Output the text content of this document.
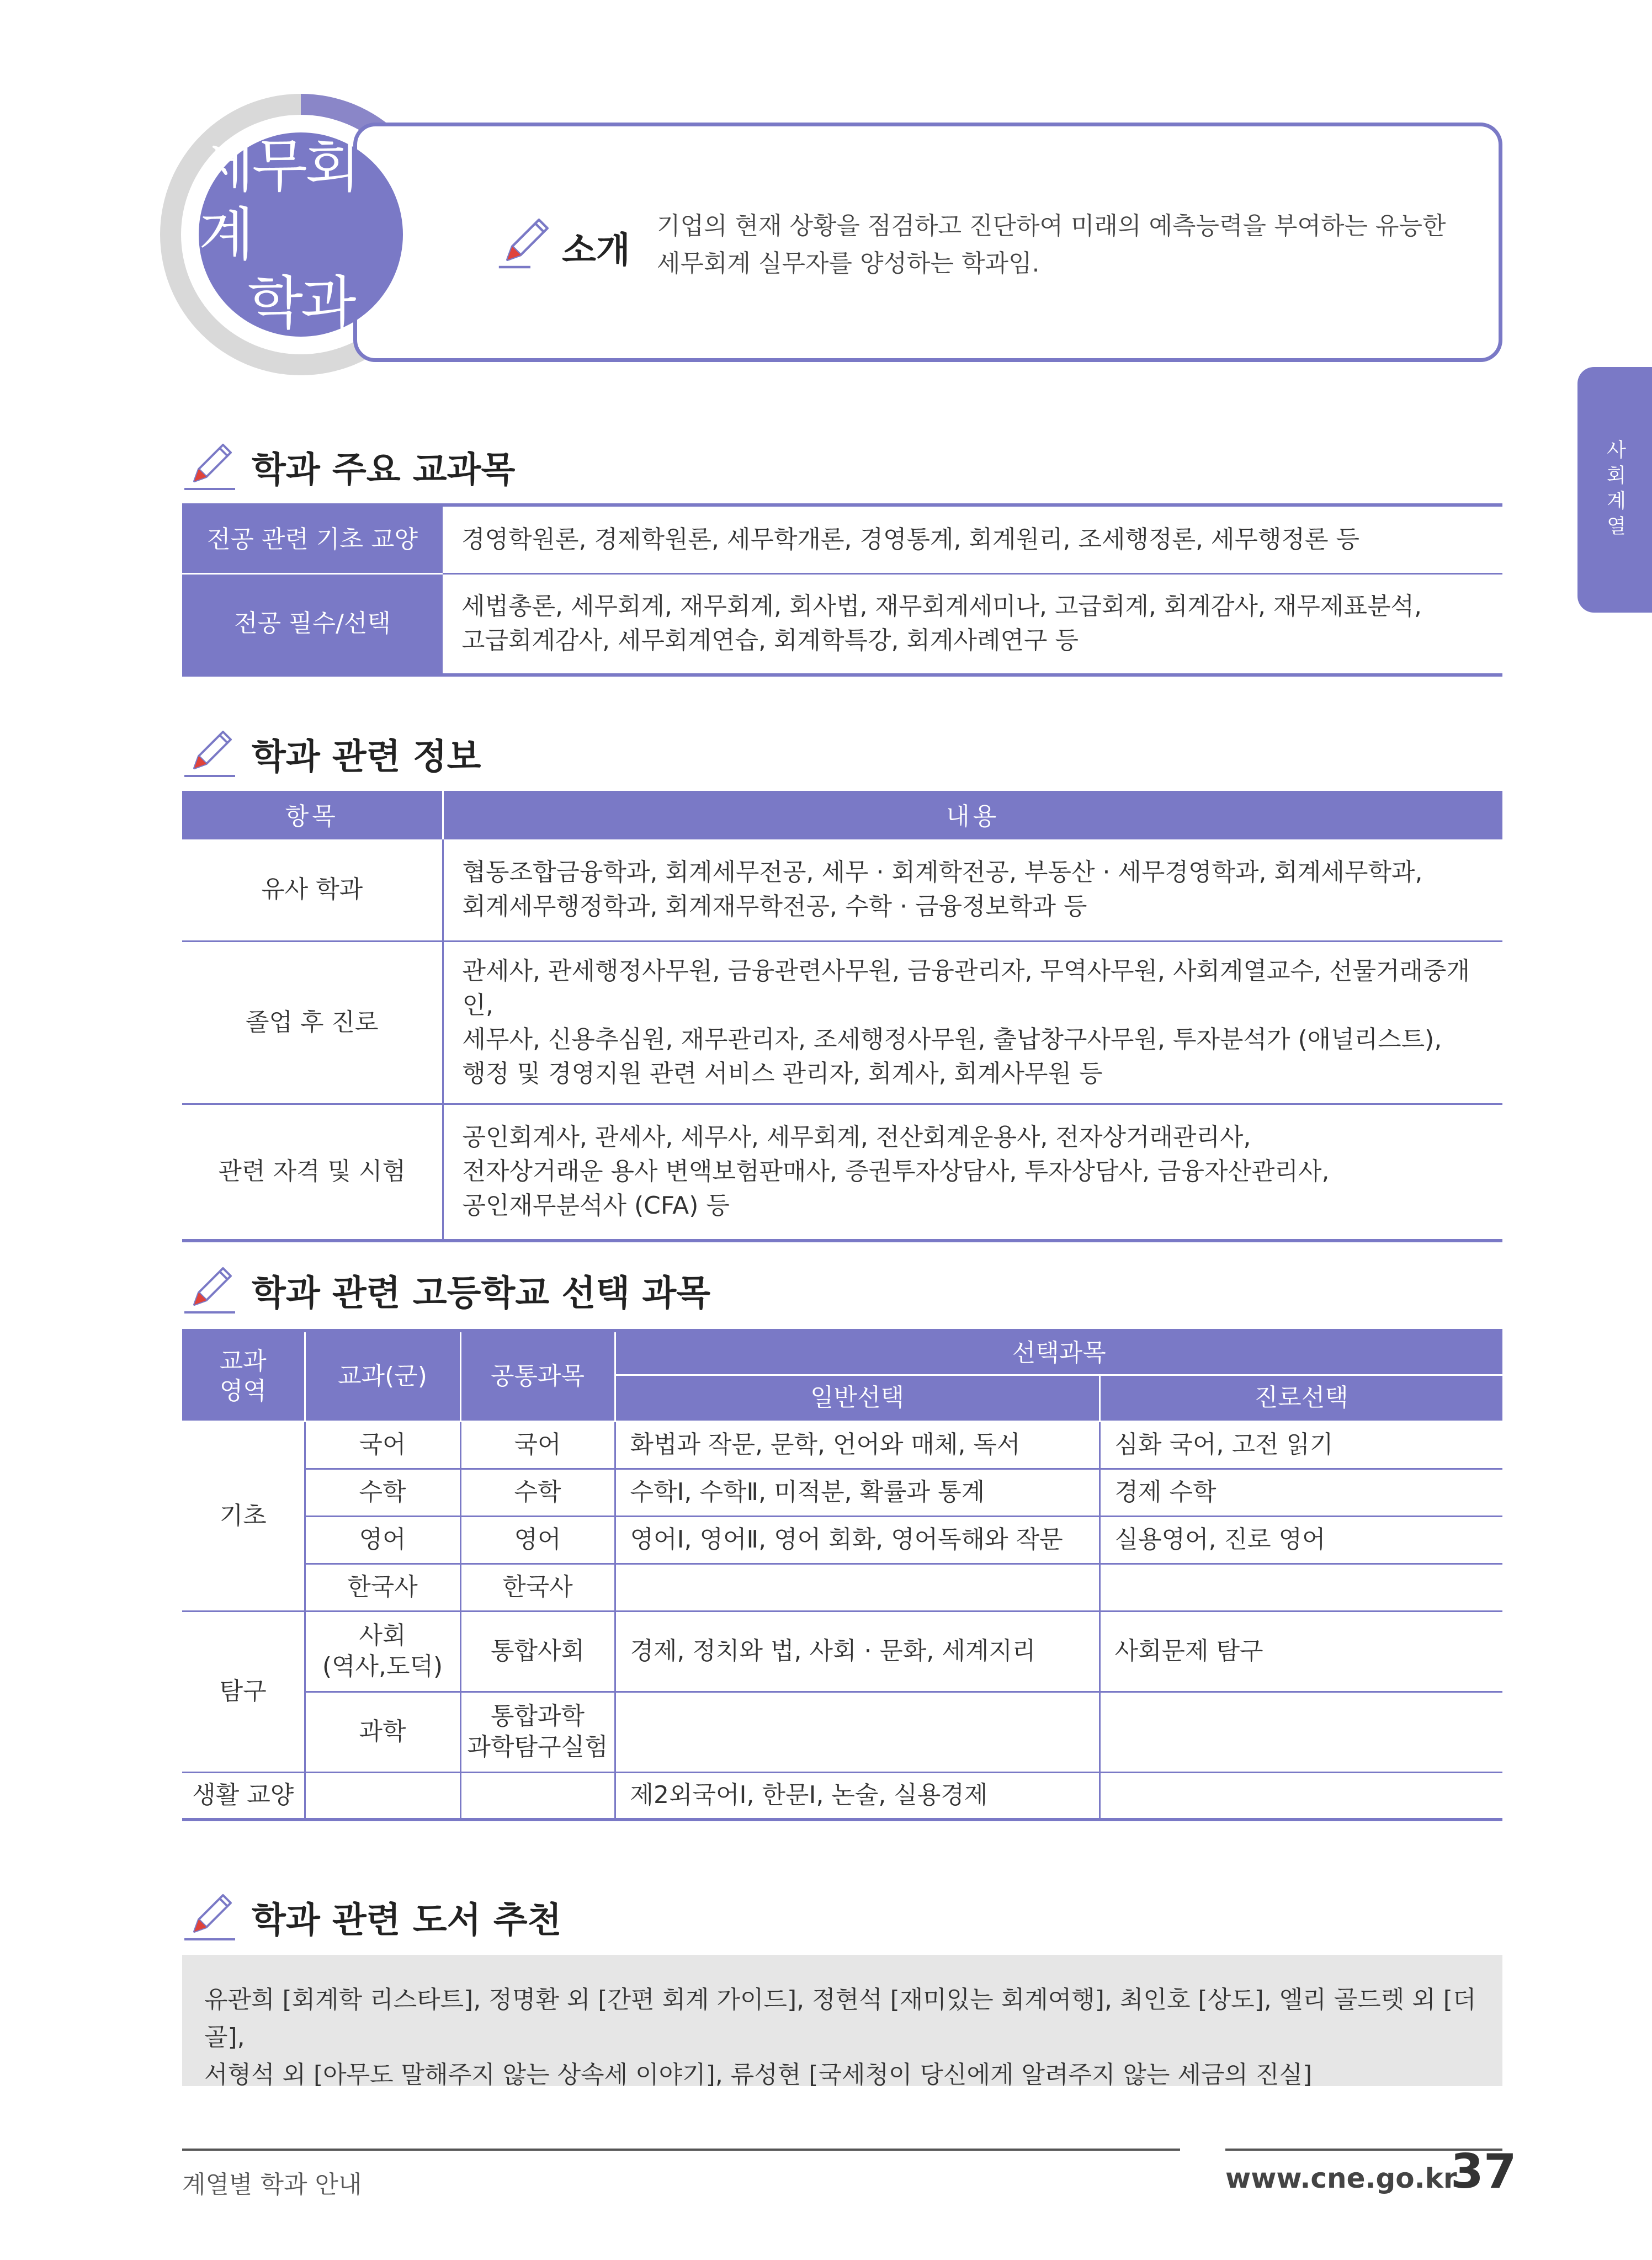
세무회계
학과
소개
기업의 현재 상황을 점검하고 진단하여 미래의 예측능력을 부여하는 유능한 세무회계 실무자를 양성하는 학과임.
사회계열
학과 주요 교과목
전공 관련 기초 교양	경영학원론, 경제학원론, 세무학개론, 경영통계, 회계원리, 조세행정론, 세무행정론 등

전공 필수/선택	세법총론, 세무회계, 재무회계, 회사법, 재무회계세미나, 고급회계, 회계감사, 재무제표분석,
고급회계감사, 세무회계연습, 회계학특강, 회계사례연구 등
학과 관련 정보
항목	내용
유사 학과	협동조합금융학과, 회계세무전공, 세무 · 회계학전공, 부동산 · 세무경영학과, 회계세무학과,
회계세무행정학과, 회계재무학전공, 수학 · 금융정보학과 등

졸업 후 진로	관세사, 관세행정사무원, 금융관련사무원, 금융관리자, 무역사무원, 사회계열교수, 선물거래중개인,
세무사, 신용추심원, 재무관리자, 조세행정사무원, 출납창구사무원, 투자분석가 (애널리스트),
행정 및 경영지원 관련 서비스 관리자, 회계사, 회계사무원 등

관련 자격 및 시험	공인회계사, 관세사, 세무사, 세무회계, 전산회계운용사, 전자상거래관리사,
전자상거래운 용사 변액보험판매사, 증권투자상담사, 투자상담사, 금융자산관리사,
공인재무분석사 (CFA) 등
학과 관련 고등학교 선택 과목
교과
영역	교과(군)	공통과목	선택과목	
			일반선택	진로선택
기초	국어	국어	화법과 작문, 문학, 언어와 매체, 독서	심화 국어, 고전 읽기
	수학	수학	수학Ⅰ, 수학Ⅱ, 미적분, 확률과 통계	경제 수학
	영어	영어	영어Ⅰ, 영어Ⅱ, 영어 회화, 영어독해와 작문	실용영어, 진로 영어
	한국사	한국사		
탐구	사회
(역사,도덕)	통합사회	경제, 정치와 법, 사회 · 문화, 세계지리	사회문제 탐구
	과학	통합과학
과학탐구실험		

생활 교양			제2외국어Ⅰ, 한문Ⅰ, 논술, 실용경제	
학과 관련 도서 추천
유관희 [회계학 리스타트], 정명환 외 [간편 회계 가이드], 정현석 [재미있는 회계여행], 최인호 [상도], 엘리 골드렛 외 [더골],
서형석 외 [아무도 말해주지 않는 상속세 이야기], 류성현 [국세청이 당신에게 알려주지 않는 세금의 진실]
계열별 학과 안내	www.cne.go.kr
37
